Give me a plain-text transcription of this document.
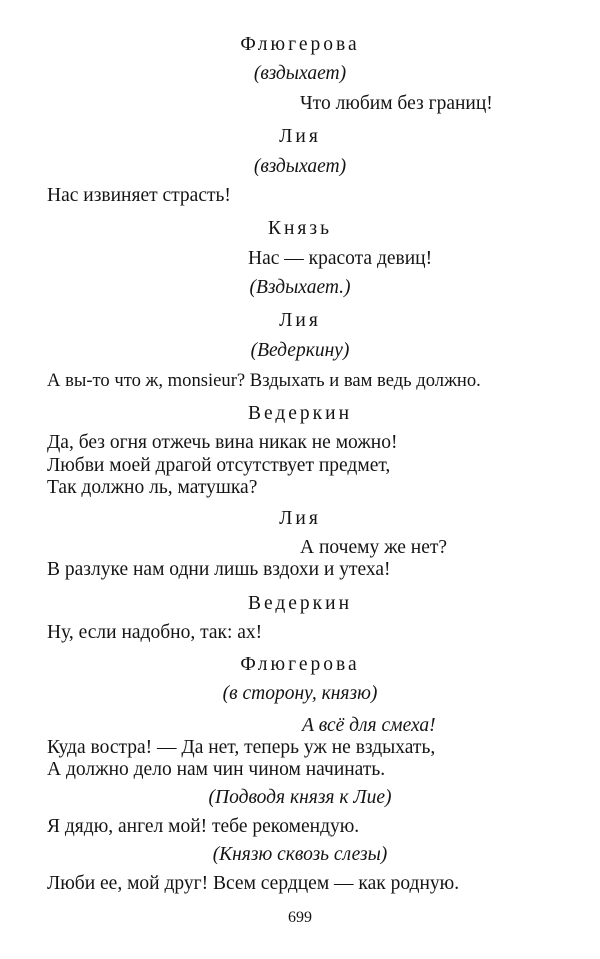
Флюгерова
(вздыхает)
Что любим без границ!
Лия
(вздыхает)
Нас извиняет страсть!
Князь
Нас — красота девиц!
(Вздыхает.)
Лия
(Ведеркину)
А вы-то что ж, monsieur? Вздыхать и вам ведь должно.
Ведеркин
Да, без огня отжечь вина никак не можно!
Любви моей драгой отсутствует предмет,
Так должно ль, матушка?
Лия
А почему же нет?
В разлуке нам одни лишь вздохи и утеха!
Ведеркин
Ну, если надобно, так: ах!
Флюгерова
(в сторону, князю)
А всё для смеха!
Куда востра! — Да нет, теперь уж не вздыхать,
А должно дело нам чин чином начинать.
(Подводя князя к Лие)
Я дядю, ангел мой! тебе рекомендую.
(Князю сквозь слезы)
Люби ее, мой друг! Всем сердцем — как родную.
699
